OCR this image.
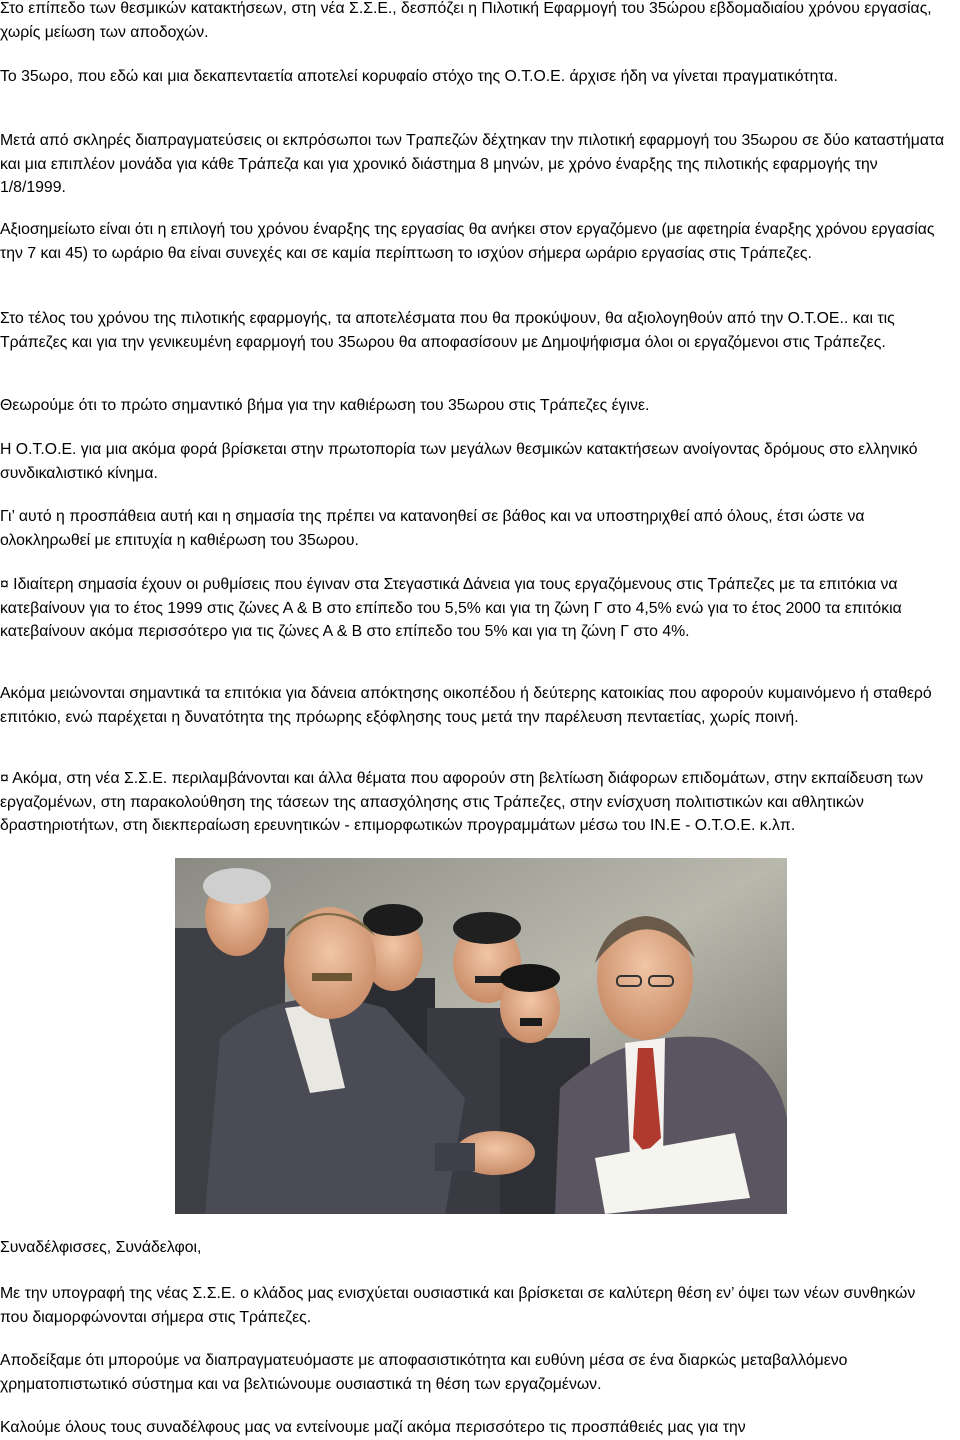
Στο επίπεδο των θεσμικών κατακτήσεων, στη νέα Σ.Σ.Ε., δεσπόζει η Πιλοτική Εφαρμογή του 35ώρου εβδομαδιαίου χρόνου εργασίας, χωρίς μείωση των αποδοχών.

Το 35ωρο, που εδώ και μια δεκαπενταετία αποτελεί κορυφαίο στόχο της Ο.Τ.Ο.Ε. άρχισε ήδη να γίνεται πραγματικότητα.

Μετά από σκληρές διαπραγματεύσεις οι εκπρόσωποι των Τραπεζών δέχτηκαν την πιλοτική εφαρμογή του 35ωρου σε δύο καταστήματα και μια επιπλέον μονάδα για κάθε Τράπεζα και για χρονικό διάστημα 8 μηνών, με χρόνο έναρξης της πιλοτικής εφαρμογής την 1/8/1999.

Αξιοσημείωτο είναι ότι η επιλογή του χρόνου έναρξης της εργασίας θα ανήκει στον εργαζόμενο (με αφετηρία έναρξης χρόνου εργασίας την 7 και 45) το ωράριο θα είναι συνεχές και σε καμία περίπτωση το ισχύον σήμερα ωράριο εργασίας στις Τράπεζες.

Στο τέλος του χρόνου της πιλοτικής εφαρμογής, τα αποτελέσματα που θα προκύψουν, θα αξιολογηθούν από την Ο.Τ.ΟΕ.. και τις Τράπεζες και για την γενικευμένη εφαρμογή του 35ωρου θα αποφασίσουν με Δημοψήφισμα όλοι οι εργαζόμενοι στις Τράπεζες.

Θεωρούμε ότι το πρώτο σημαντικό βήμα για την καθιέρωση του 35ωρου στις Τράπεζες έγινε.

Η Ο.Τ.Ο.Ε. για μια ακόμα φορά βρίσκεται στην πρωτοπορία των μεγάλων θεσμικών κατακτήσεων ανοίγοντας δρόμους στο ελληνικό συνδικαλιστικό κίνημα.

Γι’ αυτό η προσπάθεια αυτή και η σημασία της πρέπει να κατανοηθεί σε βάθος και να υποστηριχθεί από όλους, έτσι ώστε να ολοκληρωθεί με επιτυχία η καθιέρωση του 35ωρου.

¤ Ιδιαίτερη σημασία έχουν οι ρυθμίσεις που έγιναν στα Στεγαστικά Δάνεια για τους εργαζόμενους στις Τράπεζες με τα επιτόκια να κατεβαίνουν για το έτος 1999 στις ζώνες Α & Β στο επίπεδο του 5,5% και για τη ζώνη Γ στο 4,5% ενώ για το έτος 2000 τα επιτόκια κατεβαίνουν ακόμα περισσότερο για τις ζώνες Α & Β στο επίπεδο του 5% και για τη ζώνη Γ στο 4%.

Ακόμα μειώνονται σημαντικά τα επιτόκια για δάνεια απόκτησης οικοπέδου ή δεύτερης κατοικίας που αφορούν κυμαινόμενο ή σταθερό επιτόκιο, ενώ παρέχεται η δυνατότητα της πρόωρης εξόφλησης τους μετά την παρέλευση πενταετίας, χωρίς ποινή.

¤ Ακόμα, στη νέα Σ.Σ.Ε. περιλαμβάνονται και άλλα θέματα που αφορούν στη βελτίωση διάφορων επιδομάτων, στην εκπαίδευση των εργαζομένων, στη παρακολούθηση της τάσεων της απασχόλησης στις Τράπεζες, στην ενίσχυση πολιτιστικών και αθλητικών δραστηριοτήτων, στη διεκπεραίωση ερευνητικών - επιμορφωτικών προγραμμάτων μέσω του ΙΝ.Ε - Ο.Τ.Ο.Ε. κ.λπ.

Συναδέλφισσες, Συνάδελφοι,

Με την υπογραφή της νέας Σ.Σ.Ε. ο κλάδος μας ενισχύεται ουσιαστικά και βρίσκεται σε καλύτερη θέση εν’ όψει των νέων συνθηκών που διαμορφώνονται σήμερα στις Τράπεζες.

Αποδείξαμε ότι μπορούμε να διαπραγματευόμαστε με αποφασιστικότητα και ευθύνη μέσα σε ένα διαρκώς μεταβαλλόμενο χρηματοπιστωτικό σύστημα και να βελτιώνουμε ουσιαστικά τη θέση των εργαζομένων.

Καλούμε όλους τους συναδέλφους μας να εντείνουμε μαζί ακόμα περισσότερο τις προσπάθειές μας για την
